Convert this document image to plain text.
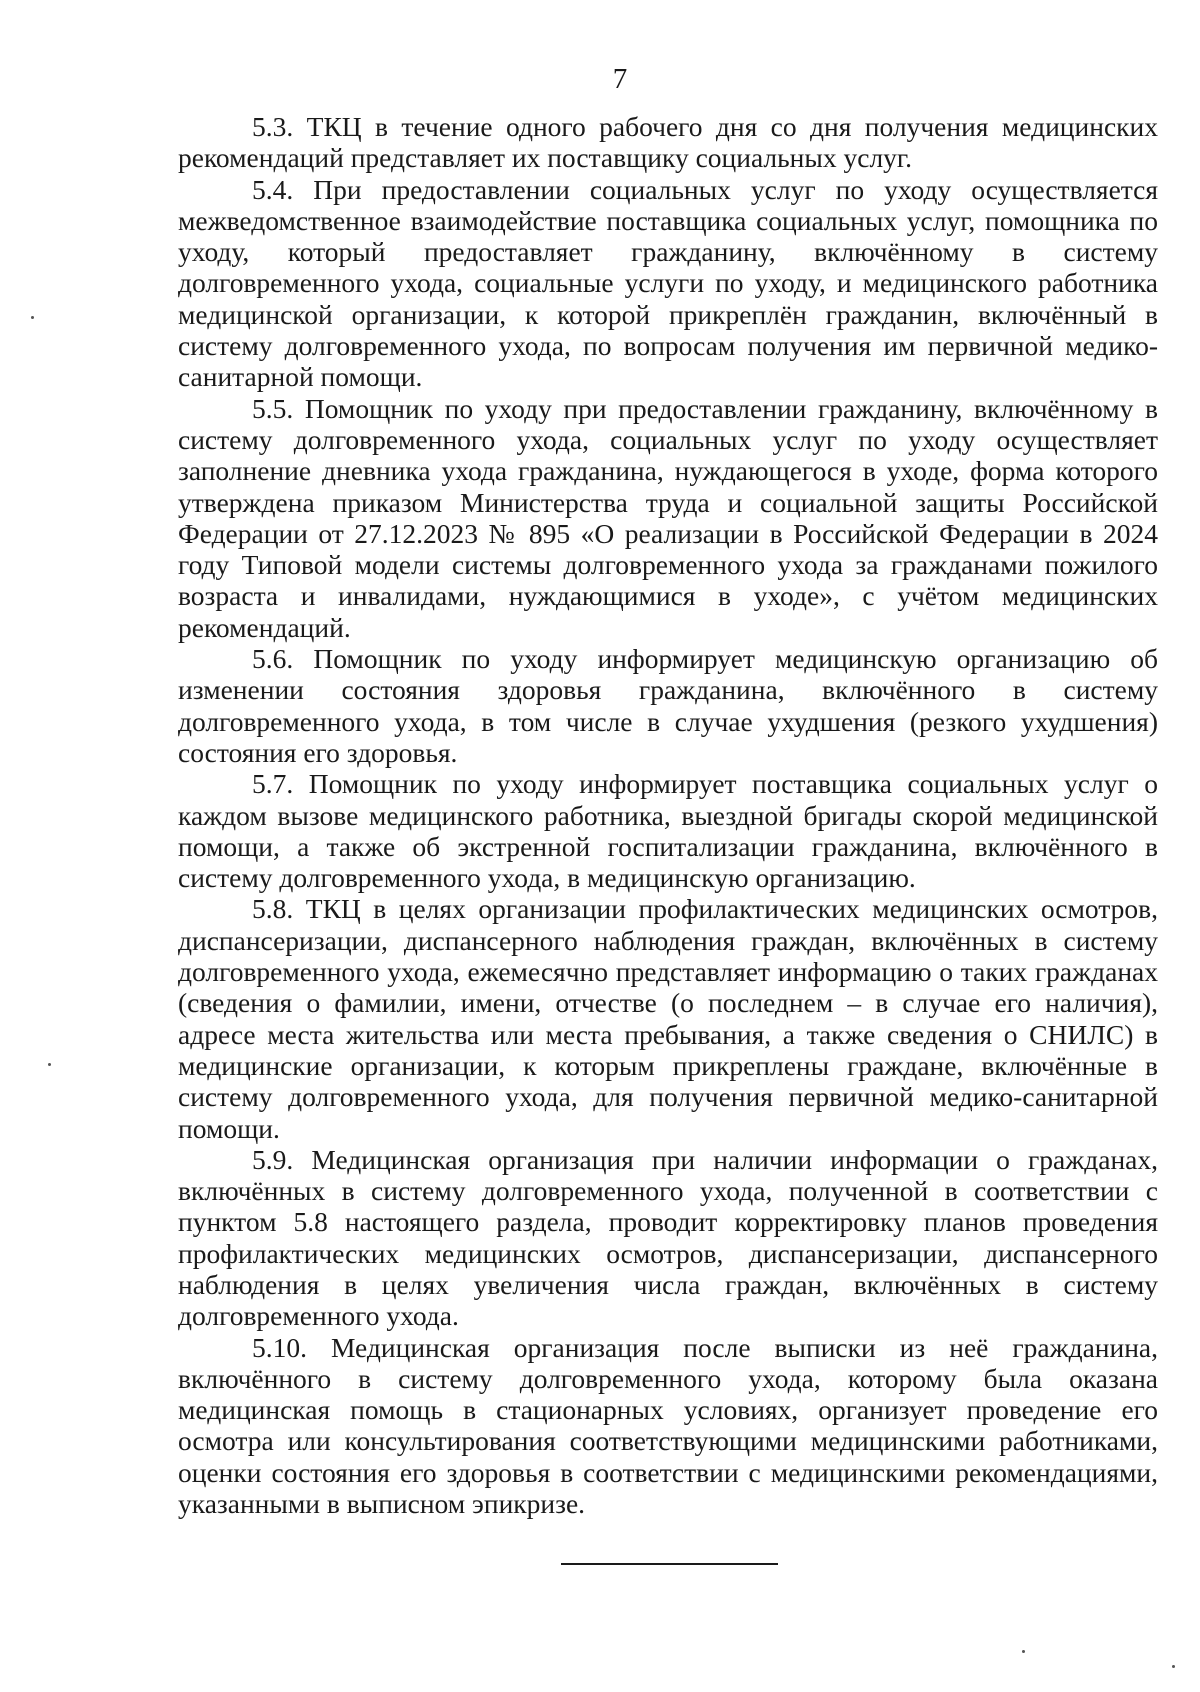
7

5.3. ТКЦ в течение одного рабочего дня со дня получения медицинских рекомендаций представляет их поставщику социальных услуг.

5.4. При предоставлении социальных услуг по уходу осуществляется межведомственное взаимодействие поставщика социальных услуг, помощника по уходу, который предоставляет гражданину, включённому в систему долговременного ухода, социальные услуги по уходу, и медицинского работника медицинской организации, к которой прикреплён гражданин, включённый в систему долговременного ухода, по вопросам получения им первичной медико-санитарной помощи.

5.5. Помощник по уходу при предоставлении гражданину, включённому в систему долговременного ухода, социальных услуг по уходу осуществляет заполнение дневника ухода гражданина, нуждающегося в уходе, форма которого утверждена приказом Министерства труда и социальной защиты Российской Федерации от 27.12.2023 № 895 «О реализации в Российской Федерации в 2024 году Типовой модели системы долговременного ухода за гражданами пожилого возраста и инвалидами, нуждающимися в уходе», с учётом медицинских рекомендаций.

5.6. Помощник по уходу информирует медицинскую организацию об изменении состояния здоровья гражданина, включённого в систему долговременного ухода, в том числе в случае ухудшения (резкого ухудшения) состояния его здоровья.

5.7. Помощник по уходу информирует поставщика социальных услуг о каждом вызове медицинского работника, выездной бригады скорой медицинской помощи, а также об экстренной госпитализации гражданина, включённого в систему долговременного ухода, в медицинскую организацию.

5.8. ТКЦ в целях организации профилактических медицинских осмотров, диспансеризации, диспансерного наблюдения граждан, включённых в систему долговременного ухода, ежемесячно представляет информацию о таких гражданах (сведения о фамилии, имени, отчестве (о последнем – в случае его наличия), адресе места жительства или места пребывания, а также сведения о СНИЛС) в медицинские организации, к которым прикреплены граждане, включённые в систему долговременного ухода, для получения первичной медико-санитарной помощи.

5.9. Медицинская организация при наличии информации о гражданах, включённых в систему долговременного ухода, полученной в соответствии с пунктом 5.8 настоящего раздела, проводит корректировку планов проведения профилактических медицинских осмотров, диспансеризации, диспансерного наблюдения в целях увеличения числа граждан, включённых в систему долговременного ухода.

5.10. Медицинская организация после выписки из неё гражданина, включённого в систему долговременного ухода, которому была оказана медицинская помощь в стационарных условиях, организует проведение его осмотра или консультирования соответствующими медицинскими работниками, оценки состояния его здоровья в соответствии с медицинскими рекомендациями, указанными в выписном эпикризе.
